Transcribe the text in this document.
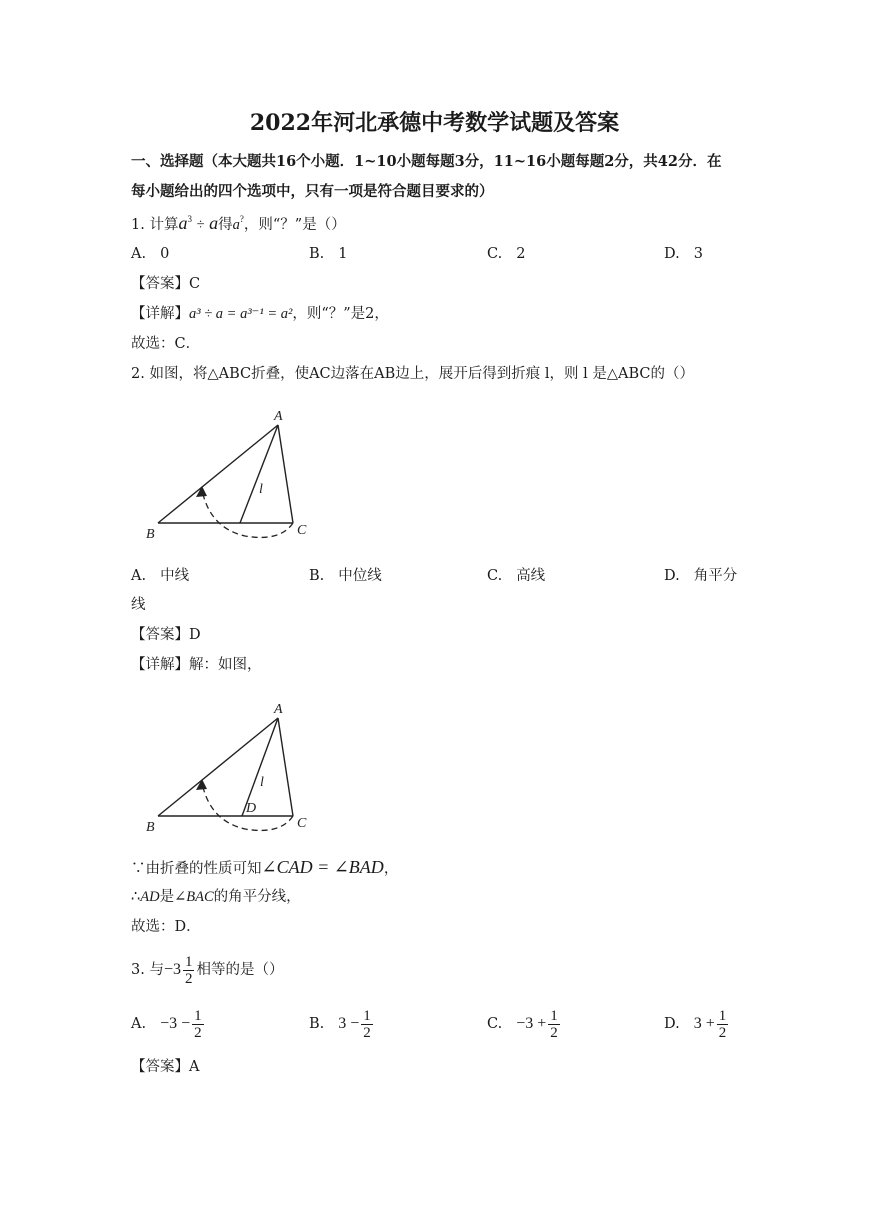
2022年河北承德中考数学试题及答案
一、选择题（本大题共16个小题．1~10小题每题3分，11~16小题每题2分，共42分．在
每小题给出的四个选项中，只有一项是符合题目要求的）
1. 计算$a^3 \div a$得a?，则“？”是（）
A. 0	B. 1	C. 2	D. 3
【答案】C
【详解】a³ ÷ a = a³⁻¹ = a²，则“？”是2，
故选：C．
2. 如图，将△ABC折叠，使AC边落在AB边上，展开后得到折痕 l，则 l 是△ABC的（）
A
B	C
l
A. 中线	B. 中位线	C. 高线	D. 角平分
线
【答案】D
【详解】解：如图，
A
B	C
D
l
∵由折叠的性质可知∠CAD = ∠BAD，
∴AD是∠BAC的角平分线，
故选：D．
3. 与$-3 \frac{1}{2}$ 相等的是（）
A. $-3 - \frac{1}{2}$	B. $3 - \frac{1}{2}$	C. $-3 + \frac{1}{2}$	D. $3 + \frac{1}{2}$
【答案】A
